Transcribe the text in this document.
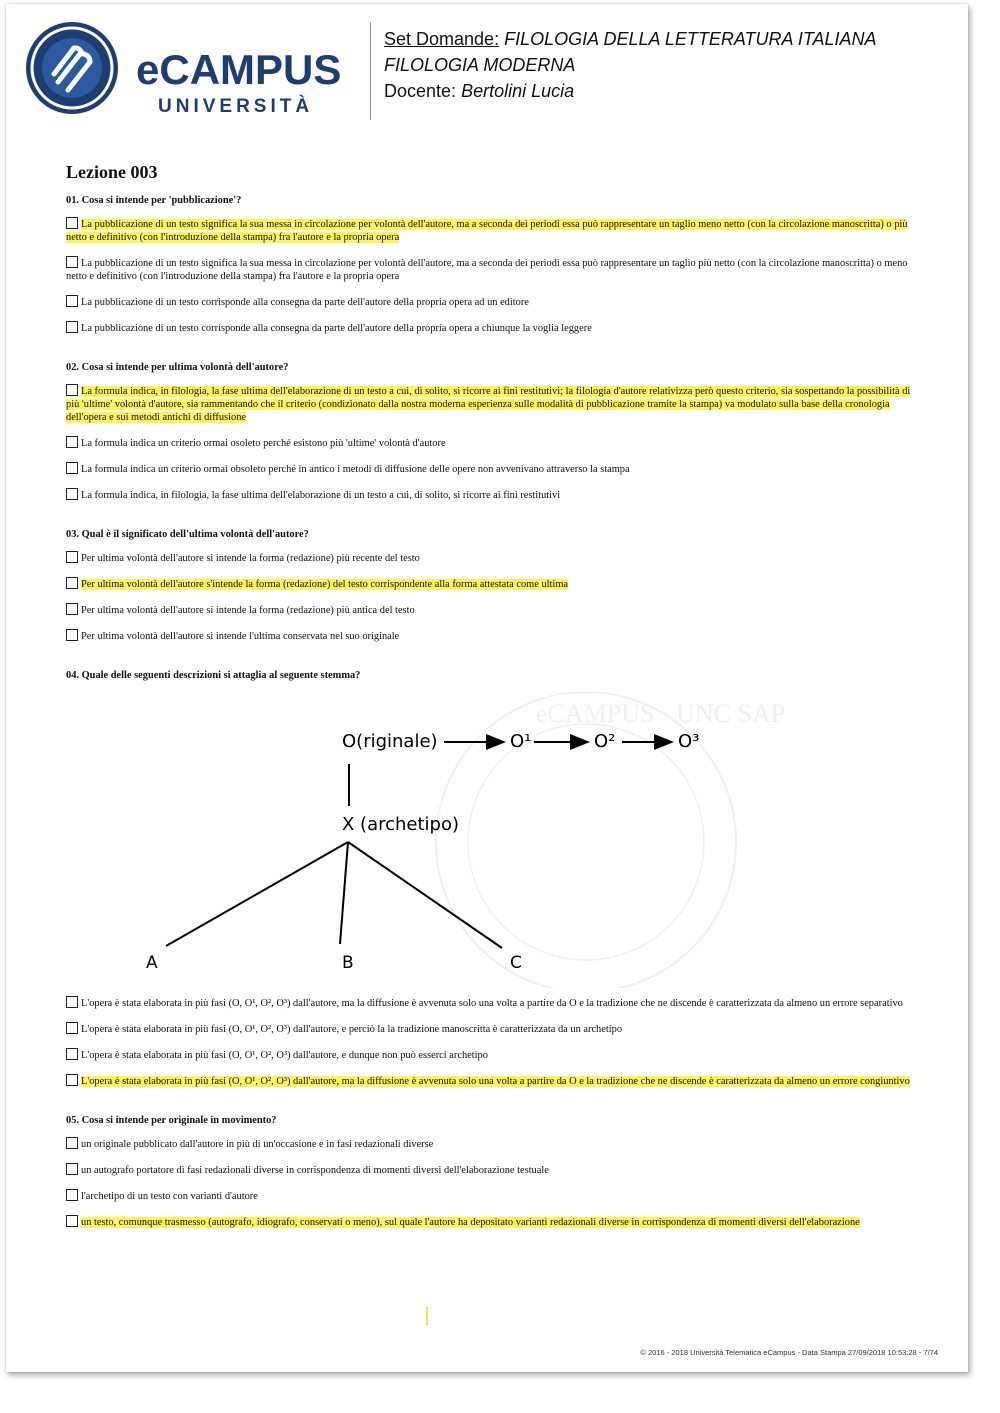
eCAMPUS
UNIVERSITÀ
Set Domande: FILOLOGIA DELLA LETTERATURA ITALIANA
FILOLOGIA MODERNA
Docente: Bertolini Lucia
Lezione 003
01. Cosa si intende per 'pubblicazione'?
La pubblicazione di un testo significa la sua messa in circolazione per volontà dell'autore, ma a seconda dei periodi essa può rappresentare un taglio meno netto (con la circolazione manoscritta) o più netto e definitivo (con l'introduzione della stampa) fra l'autore e la propria opera
La pubblicazione di un testo significa la sua messa in circolazione per volontà dell'autore, ma a seconda dei periodi essa può rappresentare un taglio più netto (con la circolazione manoscritta) o meno netto e definitivo (con l'introduzione della stampa) fra l'autore e la propria opera
La pubblicazione di un testo corrisponde alla consegna da parte dell'autore della propria opera ad un editore
La pubblicazione di un testo corrisponde alla consegna da parte dell'autore della propria opera a chiunque la voglia leggere
02. Cosa si intende per ultima volontà dell'autore?
La formula indica, in filologia, la fase ultima dell'elaborazione di un testo a cui, di solito, si ricorre ai fini restitutivi; la filologia d'autore relativizza però questo criterio, sia sospettando la possibilità di più 'ultime' volontà d'autore, sia rammentando che il criterio (condizionato dalla nostra moderna esperienza sulle modalità di pubblicazione tramite la stampa) va modulato sulla base della cronologia dell'opera e sui metodi antichi di diffusione
La formula indica un criterio ormai osoleto perché esistono più 'ultime' volontà d'autore
La formula indica un criterio ormai obsoleto perché in antico i metodi di diffusione delle opere non avvenivano attraverso la stampa
La formula indica, in filologia, la fase ultima dell'elaborazione di un testo a cui, di solito, si ricorre ai fini restitutivi
03. Qual è il significato dell'ultima volontà dell'autore?
Per ultima volontà dell'autore si intende la forma (redazione) più recente del testo
Per ultima volontà dell'autore s'intende la forma (redazione) del testo corrispondente alla forma attestata come ultima
Per ultima volontà dell'autore si intende la forma (redazione) più antica del testo
Per ultima volontà dell'autore si intende l'ultima conservata nel suo originale
04. Quale delle seguenti descrizioni si attaglia al seguente stemma?
eCAMPUS · UNC SAP
O(riginale)	O¹	O²	O³
X (archetipo)
A	B	C
L'opera è stata elaborata in più fasi (O, O¹, O², O³) dall'autore, ma la diffusione è avvenuta solo una volta a partire da O e la tradizione che ne discende è caratterizzata da almeno un errore separativo
L'opera è stata elaborata in più fasi (O, O¹, O², O³) dall'autore, e perciò la la tradizione manoscritta è caratterizzata da un archetipo
L'opera è stata elaborata in più fasi (O, O¹, O², O³) dall'autore, e dunque non può esserci archetipo
L'opera è stata elaborata in più fasi (O, O¹, O², O³) dall'autore, ma la diffusione è avvenuta solo una volta a partire da O e la tradizione che ne discende è caratterizzata da almeno un errore congiuntivo
05. Cosa si intende per originale in movimento?
un originale pubblicato dall'autore in più di un'occasione e in fasi redazionali diverse
un autografo portatore di fasi redazionali diverse in corrispondenza di momenti diversi dell'elaborazione testuale
l'archetipo di un testo con varianti d'autore
un testo, comunque trasmesso (autografo, idiografo, conservati o meno), sul quale l'autore ha depositato varianti redazionali diverse in corrispondenza di momenti diversi dell'elaborazione
© 2016 - 2018 Università Telematica eCampus - Data Stampa 27/09/2018 10:53:28 - 7/74
